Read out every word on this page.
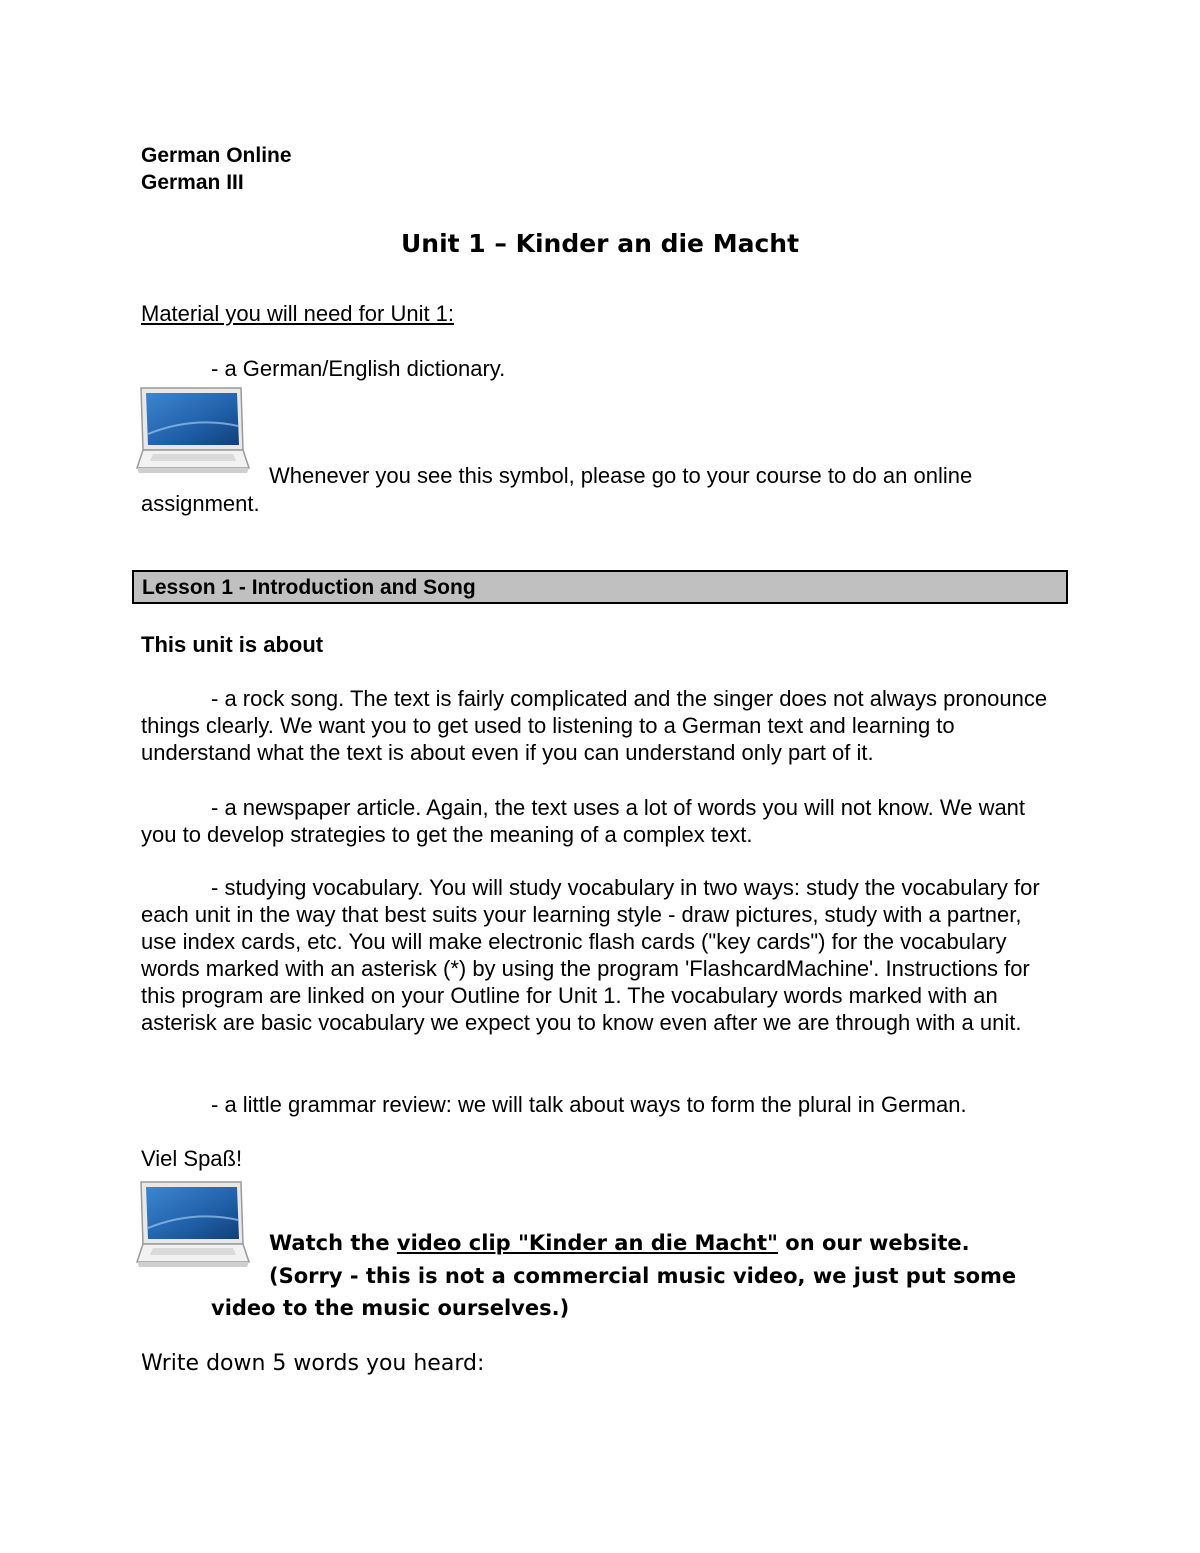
German Online
German III
Unit 1 – Kinder an die Macht
Material you will need for Unit 1:
- a German/English dictionary.
Whenever you see this symbol, please go to your course to do an online
assignment.
Lesson 1 - Introduction and Song
This unit is about
- a rock song. The text is fairly complicated and the singer does not always pronounce things clearly. We want you to get used to listening to a German text and learning to understand what the text is about even if you can understand only part of it.
- a newspaper article. Again, the text uses a lot of words you will not know. We want you to develop strategies to get the meaning of a complex text.
- studying vocabulary. You will study vocabulary in two ways: study the vocabulary for each unit in the way that best suits your learning style - draw pictures, study with a partner, use index cards, etc. You will make electronic flash cards ("key cards") for the vocabulary words marked with an asterisk (*) by using the program 'FlashcardMachine'. Instructions for this program are linked on your Outline for Unit 1. The vocabulary words marked with an asterisk are basic vocabulary we expect you to know even after we are through with a unit.
- a little grammar review: we will talk about ways to form the plural in German.
Viel Spaß!
Watch the video clip "Kinder an die Macht" on our website.
(Sorry - this is not a commercial music video, we just put some
video to the music ourselves.)
Write down 5 words you heard:
